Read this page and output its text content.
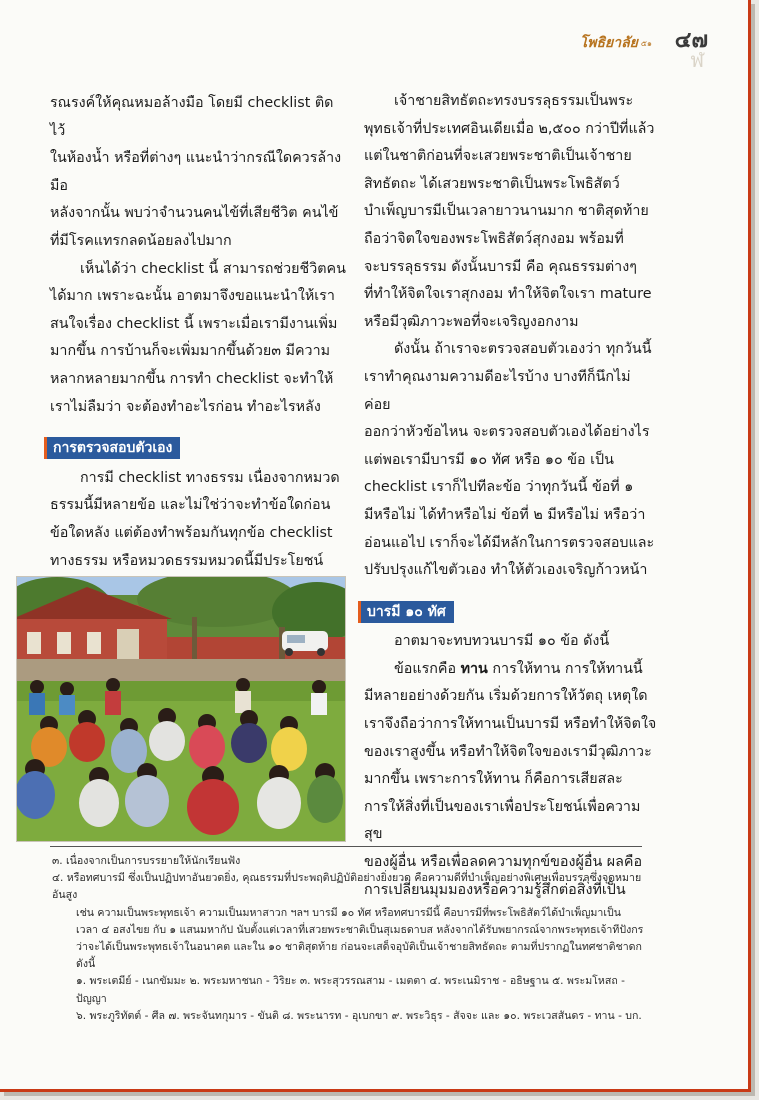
โพธิยาลัย ๕๑
ฬ
๔๗

รณรงค์ให้คุณหมอล้างมือ โดยมี checklist ติดไว้
ในห้องน้ำ หรือที่ต่างๆ แนะนำว่ากรณีใดควรล้างมือ
หลังจากนั้น พบว่าจำนวนคนไข้ที่เสียชีวิต คนไข้
ที่มีโรคแทรกลดน้อยลงไปมาก

เห็นได้ว่า checklist นี้ สามารถช่วยชีวิตคน
ได้มาก เพราะฉะนั้น อาตมาจึงขอแนะนำให้เรา
สนใจเรื่อง checklist นี้ เพราะเมื่อเรามีงานเพิ่ม
มากขึ้น การบ้านก็จะเพิ่มมากขึ้นด้วย๓ มีความ
หลากหลายมากขึ้น การทำ checklist จะทำให้
เราไม่ลืมว่า จะต้องทำอะไรก่อน ทำอะไรหลัง

การตรวจสอบตัวเอง

การมี checklist ทางธรรม เนื่องจากหมวด
ธรรมนี้มีหลายข้อ และไม่ใช่ว่าจะทำข้อใดก่อน
ข้อใดหลัง แต่ต้องทำพร้อมกันทุกข้อ checklist
ทางธรรม หรือหมวดธรรมหมวดนี้มีประโยชน์

เจ้าชายสิทธัตถะทรงบรรลุธรรมเป็นพระ
พุทธเจ้าที่ประเทศอินเดียเมื่อ ๒,๕๐๐ กว่าปีที่แล้ว
แต่ในชาติก่อนที่จะเสวยพระชาติเป็นเจ้าชาย
สิทธัตถะ ได้เสวยพระชาติเป็นพระโพธิสัตว์
บำเพ็ญบารมีเป็นเวลายาวนานมาก ชาติสุดท้าย
ถือว่าจิตใจของพระโพธิสัตว์สุกงอม พร้อมที่
จะบรรลุธรรม ดังนั้นบารมี คือ คุณธรรมต่างๆ
ที่ทำให้จิตใจเราสุกงอม ทำให้จิตใจเรา mature
หรือมีวุฒิภาวะพอที่จะเจริญงอกงาม

ดังนั้น ถ้าเราจะตรวจสอบตัวเองว่า ทุกวันนี้
เราทำคุณงามความดีอะไรบ้าง บางทีก็นึกไม่ค่อย
ออกว่าหัวข้อไหน จะตรวจสอบตัวเองได้อย่างไร
แต่พอเรามีบารมี ๑๐ ทัศ หรือ ๑๐ ข้อ เป็น
checklist เราก็ไปทีละข้อ ว่าทุกวันนี้ ข้อที่ ๑
มีหรือไม่ ได้ทำหรือไม่ ข้อที่ ๒ มีหรือไม่ หรือว่า
อ่อนแอไป เราก็จะได้มีหลักในการตรวจสอบและ
ปรับปรุงแก้ไขตัวเอง ทำให้ตัวเองเจริญก้าวหน้า

บารมี ๑๐ ทัศ

อาตมาจะทบทวนบารมี ๑๐ ข้อ ดังนี้

ข้อแรกคือ ทาน การให้ทาน การให้ทานนี้
มีหลายอย่างด้วยกัน เริ่มด้วยการให้วัตถุ เหตุใด
เราจึงถือว่าการให้ทานเป็นบารมี หรือทำให้จิตใจ
ของเราสูงขึ้น หรือทำให้จิตใจของเรามีวุฒิภาวะ
มากขึ้น เพราะการให้ทาน ก็คือการเสียสละ
การให้สิ่งที่เป็นของเราเพื่อประโยชน์เพื่อความสุข
ของผู้อื่น หรือเพื่อลดความทุกข์ของผู้อื่น ผลคือ
การเปลี่ยนมุมมองหรือความรู้สึกต่อสิ่งที่เป็น

๓. เนื่องจากเป็นการบรรยายให้นักเรียนฟัง

๔. หรือทศบารมี ซึ่งเป็นปฏิปทาอันยวดยิ่ง, คุณธรรมที่ประพฤติปฏิบัติอย่างยิ่งยวด คือความดีที่บำเพ็ญอย่างพิเศษเพื่อบรรลุซึ่งจุดหมายอันสูง

เช่น ความเป็นพระพุทธเจ้า ความเป็นมหาสาวก ฯลฯ บารมี ๑๐ ทัศ หรือทศบารมีนี้ คือบารมีที่พระโพธิสัตว์ได้บำเพ็ญมาเป็น

เวลา ๔ อสงไขย กับ ๑ แสนมหากัป นับตั้งแต่เวลาที่เสวยพระชาติเป็นสุเมธดาบส หลังจากได้รับพยากรณ์จากพระพุทธเจ้าทีปังกร

ว่าจะได้เป็นพระพุทธเจ้าในอนาคต และใน ๑๐ ชาติสุดท้าย ก่อนจะเสด็จอุบัติเป็นเจ้าชายสิทธัตถะ ตามที่ปรากฏในทศชาติชาดก ดังนี้

๑. พระเตมีย์ - เนกขัมมะ ๒. พระมหาชนก - วิริยะ ๓. พระสุวรรณสาม - เมตตา ๔. พระเนมิราช - อธิษฐาน ๕. พระมโหสถ - ปัญญา

๖. พระภูริทัตต์ - ศีล ๗. พระจันทกุมาร - ขันติ ๘. พระนารท - อุเบกขา ๙. พระวิธุร - สัจจะ และ ๑๐. พระเวสสันดร - ทาน - บก.
